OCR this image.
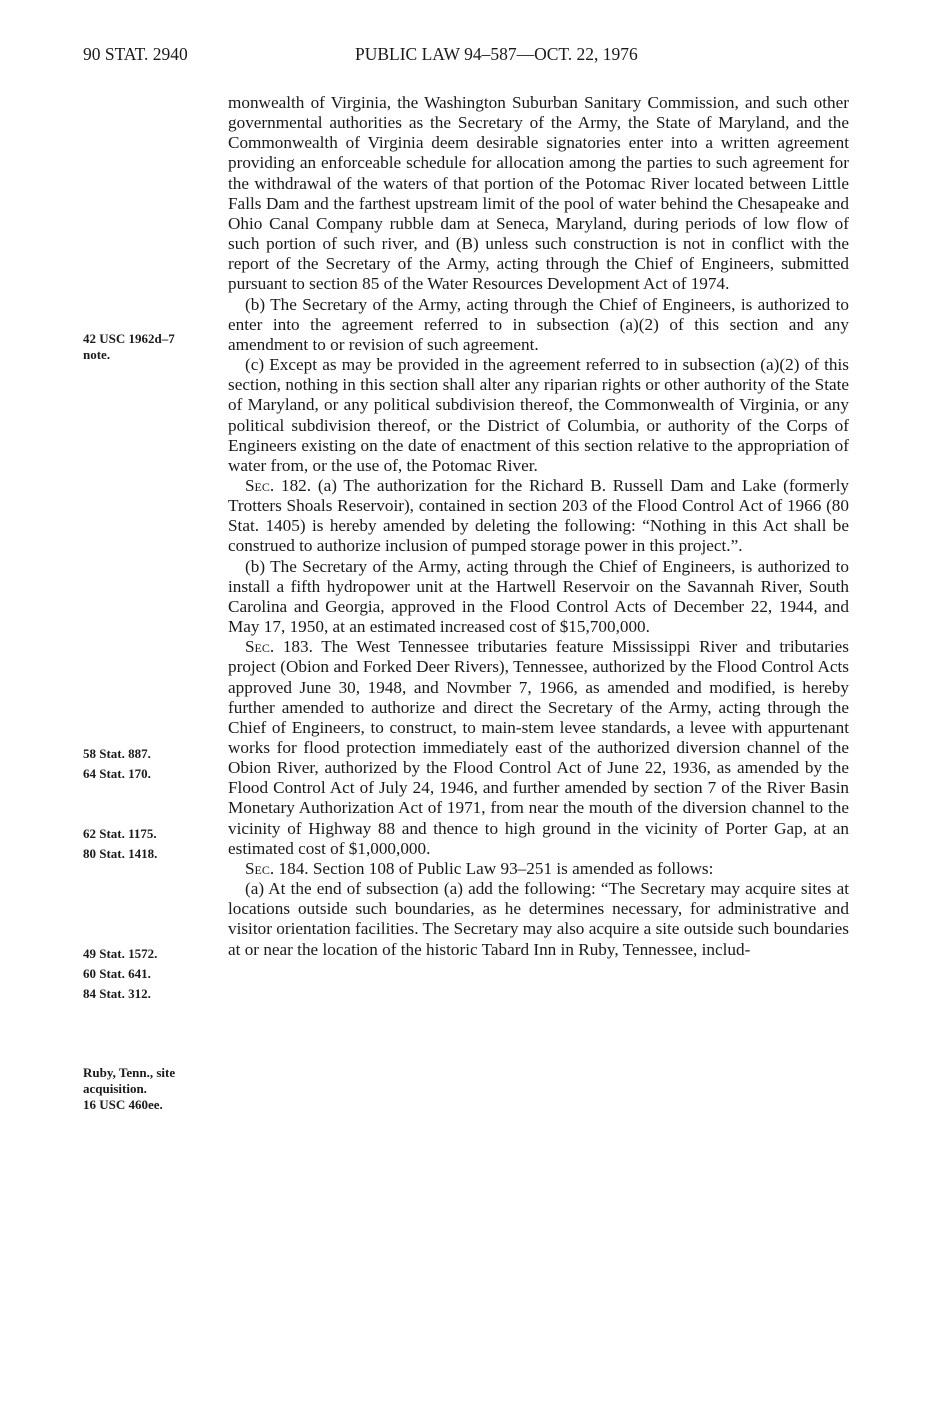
90 STAT. 2940	PUBLIC LAW 94–587—OCT. 22, 1976
42 USC 1962d–7
note.
58 Stat. 887.
64 Stat. 170.
62 Stat. 1175.
80 Stat. 1418.
49 Stat. 1572.
60 Stat. 641.
84 Stat. 312.
Ruby, Tenn., site
acquisition.
16 USC 460ee.

monwealth of Virginia, the Washington Suburban Sanitary Commission, and such other governmental authorities as the Secretary of the Army, the State of Maryland, and the Commonwealth of Virginia deem desirable signatories enter into a written agreement providing an enforceable schedule for allocation among the parties to such agreement for the withdrawal of the waters of that portion of the Potomac River located between Little Falls Dam and the farthest upstream limit of the pool of water behind the Chesapeake and Ohio Canal Company rubble dam at Seneca, Maryland, during periods of low flow of such portion of such river, and (B) unless such construction is not in conflict with the report of the Secretary of the Army, acting through the Chief of Engineers, submitted pursuant to section 85 of the Water Resources Development Act of 1974.

(b) The Secretary of the Army, acting through the Chief of Engineers, is authorized to enter into the agreement referred to in subsection (a)(2) of this section and any amendment to or revision of such agreement.

(c) Except as may be provided in the agreement referred to in subsection (a)(2) of this section, nothing in this section shall alter any riparian rights or other authority of the State of Maryland, or any political subdivision thereof, the Commonwealth of Virginia, or any political subdivision thereof, or the District of Columbia, or authority of the Corps of Engineers existing on the date of enactment of this section relative to the appropriation of water from, or the use of, the Potomac River.

Sec. 182. (a) The authorization for the Richard B. Russell Dam and Lake (formerly Trotters Shoals Reservoir), contained in section 203 of the Flood Control Act of 1966 (80 Stat. 1405) is hereby amended by deleting the following: “Nothing in this Act shall be construed to authorize inclusion of pumped storage power in this project.”.

(b) The Secretary of the Army, acting through the Chief of Engineers, is authorized to install a fifth hydropower unit at the Hartwell Reservoir on the Savannah River, South Carolina and Georgia, approved in the Flood Control Acts of December 22, 1944, and May 17, 1950, at an estimated increased cost of $15,700,000.

Sec. 183. The West Tennessee tributaries feature Mississippi River and tributaries project (Obion and Forked Deer Rivers), Tennessee, authorized by the Flood Control Acts approved June 30, 1948, and Novmber 7, 1966, as amended and modified, is hereby further amended to authorize and direct the Secretary of the Army, acting through the Chief of Engineers, to construct, to main-stem levee standards, a levee with appurtenant works for flood protection immediately east of the authorized diversion channel of the Obion River, authorized by the Flood Control Act of June 22, 1936, as amended by the Flood Control Act of July 24, 1946, and further amended by section 7 of the River Basin Monetary Authorization Act of 1971, from near the mouth of the diversion channel to the vicinity of Highway 88 and thence to high ground in the vicinity of Porter Gap, at an estimated cost of $1,000,000.

Sec. 184. Section 108 of Public Law 93–251 is amended as follows:

(a) At the end of subsection (a) add the following: “The Secretary may acquire sites at locations outside such boundaries, as he determines necessary, for administrative and visitor orientation facilities. The Secretary may also acquire a site outside such boundaries at or near the location of the historic Tabard Inn in Ruby, Tennessee, includ-
